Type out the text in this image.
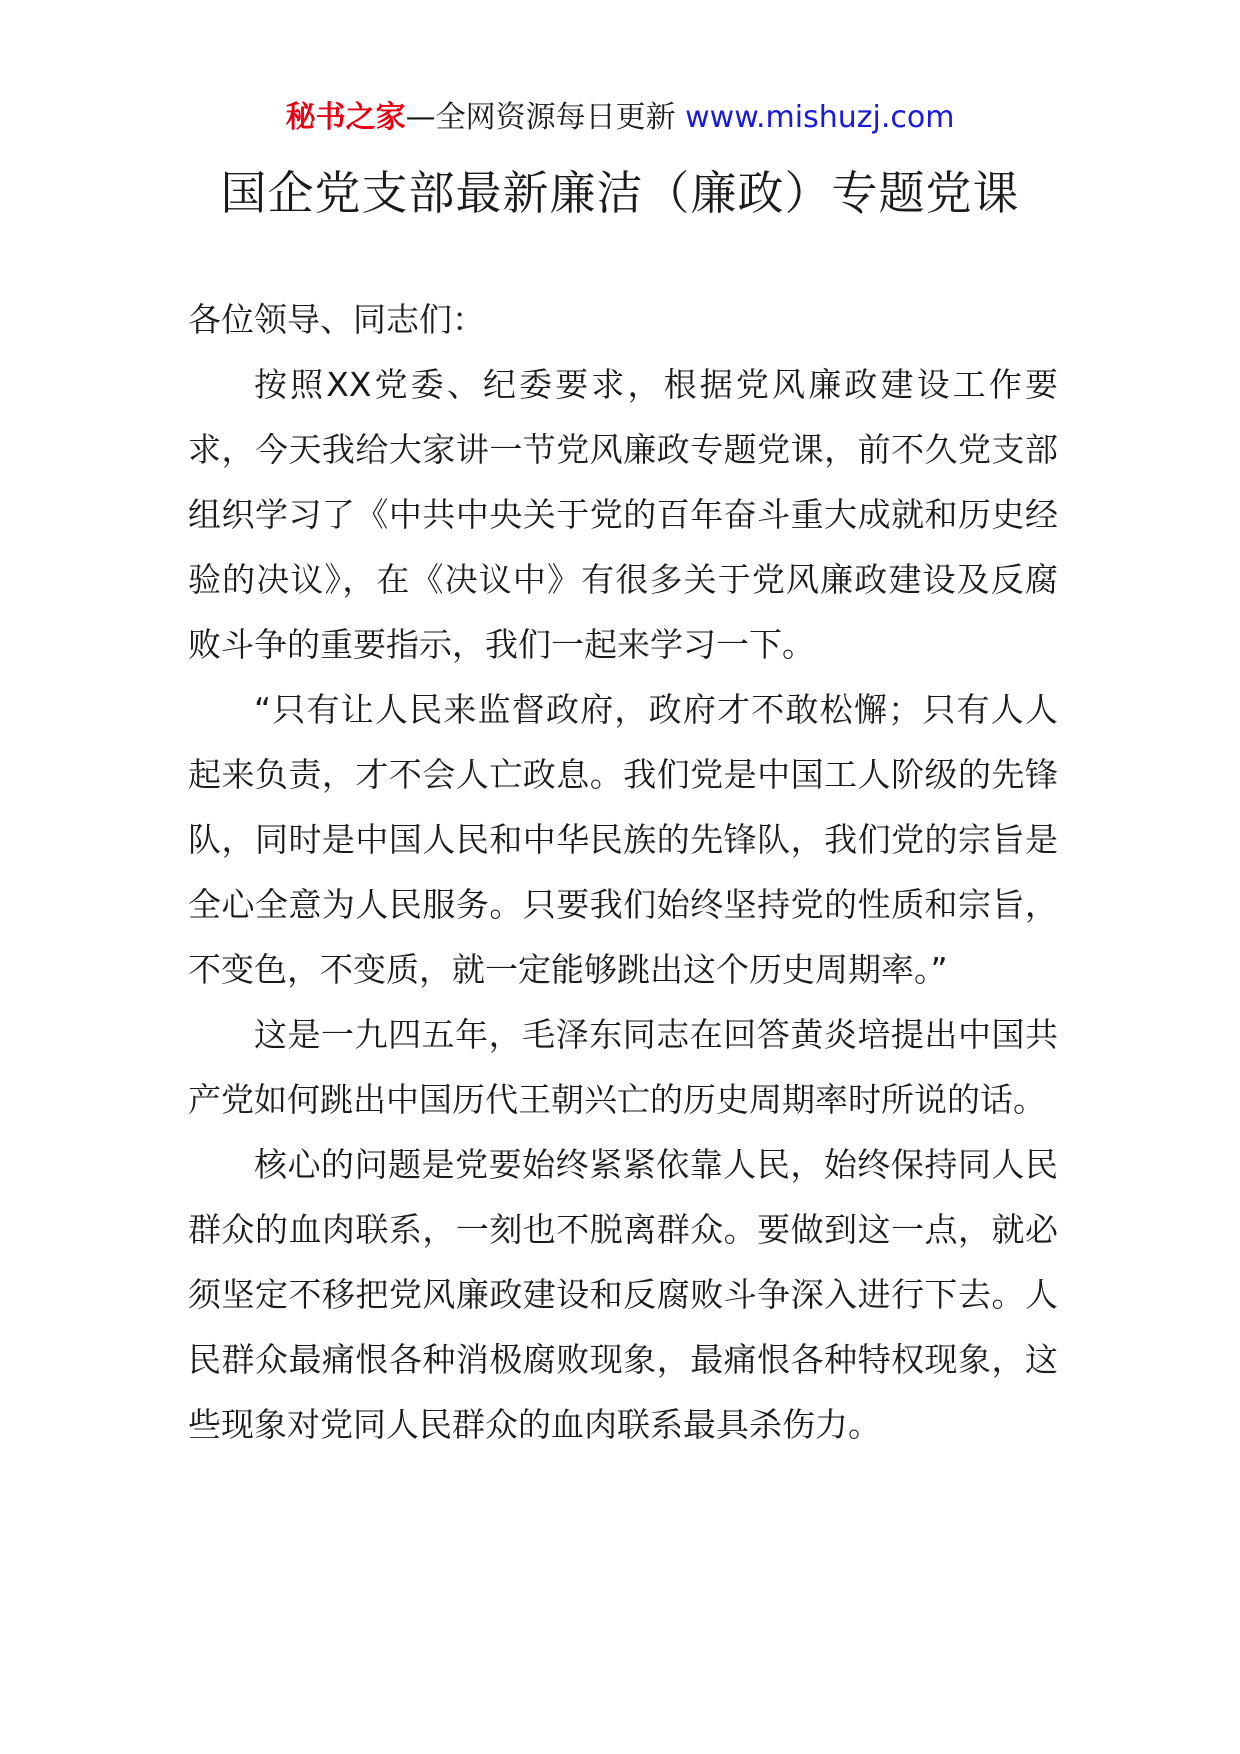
秘书之家—全网资源每日更新 www.mishuzj.com
国企党支部最新廉洁（廉政）专题党课

各位领导、同志们：

按照XX党委、纪委要求，根据党风廉政建设工作要求，今天我给大家讲一节党风廉政专题党课，前不久党支部组织学习了《中共中央关于党的百年奋斗重大成就和历史经验的决议》，在《决议中》有很多关于党风廉政建设及反腐败斗争的重要指示，我们一起来学习一下。

“只有让人民来监督政府，政府才不敢松懈；只有人人起来负责，才不会人亡政息。我们党是中国工人阶级的先锋队，同时是中国人民和中华民族的先锋队，我们党的宗旨是全心全意为人民服务。只要我们始终坚持党的性质和宗旨，不变色，不变质，就一定能够跳出这个历史周期率。”

这是一九四五年，毛泽东同志在回答黄炎培提出中国共产党如何跳出中国历代王朝兴亡的历史周期率时所说的话。

核心的问题是党要始终紧紧依靠人民，始终保持同人民群众的血肉联系，一刻也不脱离群众。要做到这一点，就必须坚定不移把党风廉政建设和反腐败斗争深入进行下去。人民群众最痛恨各种消极腐败现象，最痛恨各种特权现象，这些现象对党同人民群众的血肉联系最具杀伤力。
